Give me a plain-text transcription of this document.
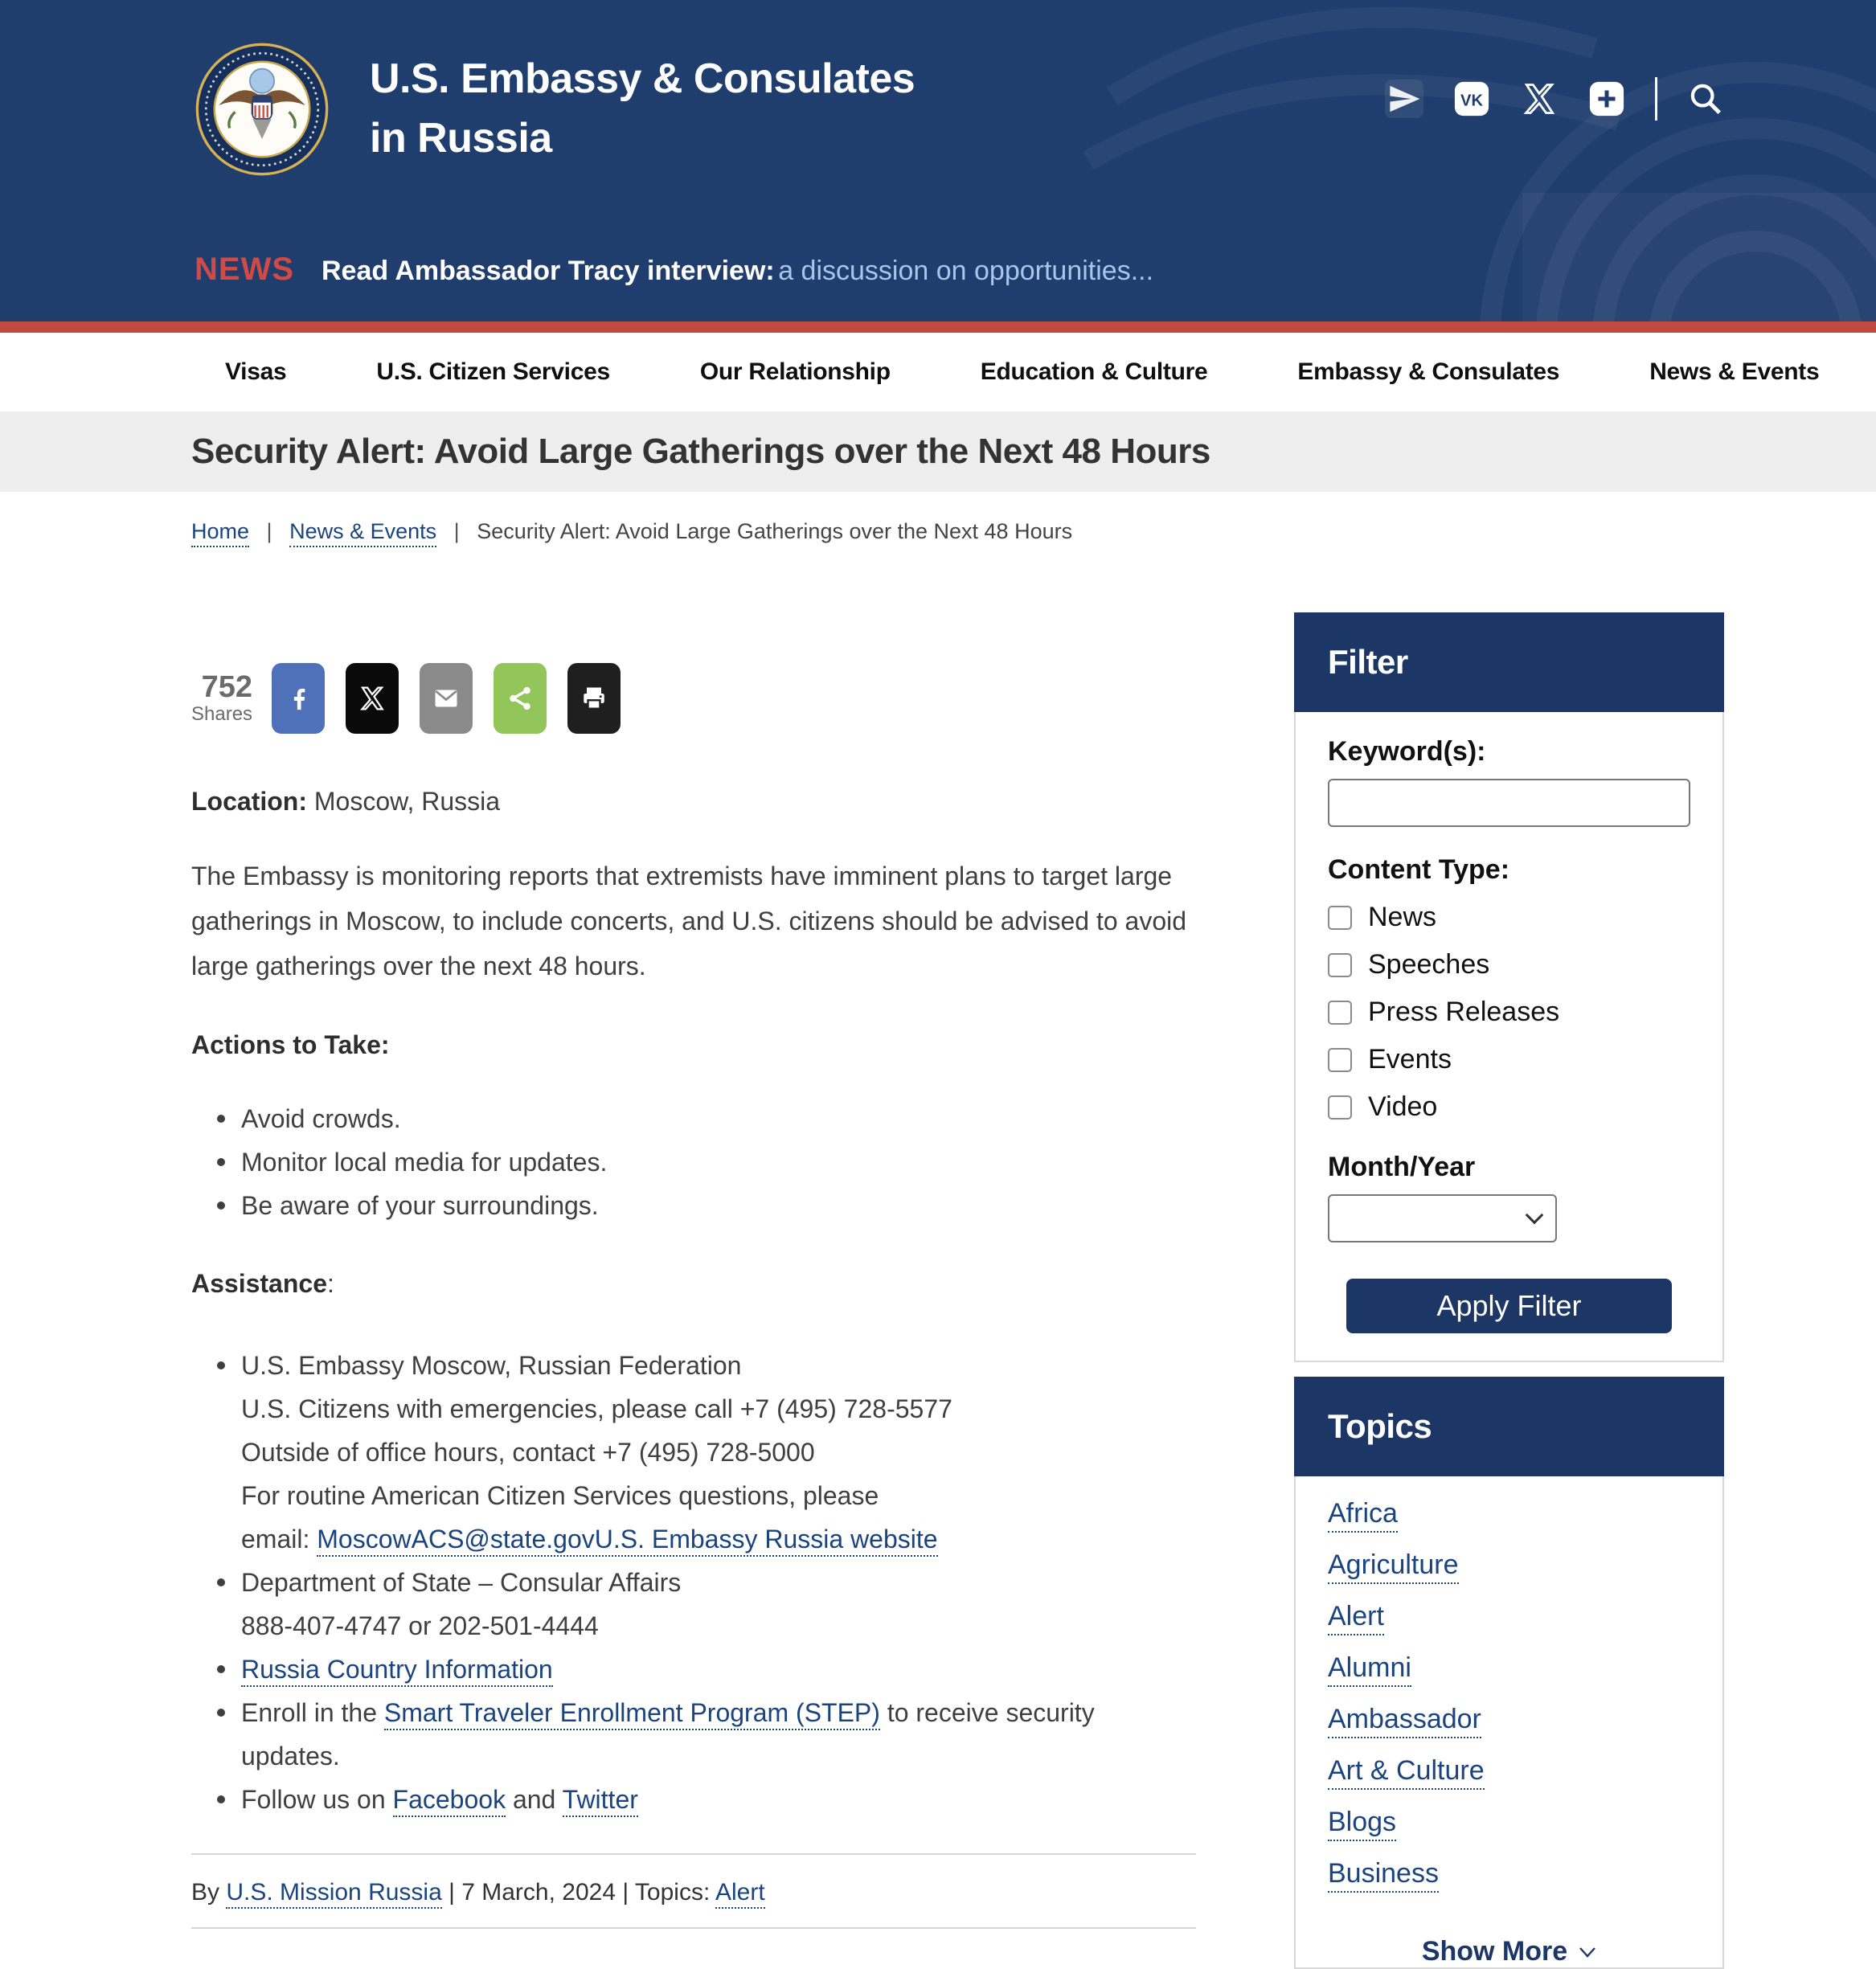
U.S. Embassy & Consulates
in Russia
VK
NEWS Read Ambassador Tracy interview: a discussion on opportunities...
Visas	U.S. Citizen Services	Our Relationship	Education & Culture	Embassy & Consulates	News & Events
Security Alert: Avoid Large Gatherings over the Next 48 Hours
Home | News & Events | Security Alert: Avoid Large Gatherings over the Next 48 Hours
752
Shares

Location: Moscow, Russia

The Embassy is monitoring reports that extremists have imminent plans to target large gatherings in Moscow, to include concerts, and U.S. citizens should be advised to avoid large gatherings over the next 48 hours.

Actions to Take:

Avoid crowds.
Monitor local media for updates.
Be aware of your surroundings.

Assistance:

U.S. Embassy Moscow, Russian Federation
U.S. Citizens with emergencies, please call +7 (495) 728-5577
Outside of office hours, contact +7 (495) 728-5000
For routine American Citizen Services questions, please
email: MoscowACS@state.govU.S. Embassy Russia website
Department of State – Consular Affairs
888-407-4747 or 202-501-4444
Russia Country Information
Enroll in the Smart Traveler Enrollment Program (STEP) to receive security updates.
Follow us on Facebook and Twitter

By U.S. Mission Russia | 7 March, 2024 | Topics: Alert

Filter
Keyword(s):
Content Type:
News
Speeches
Press Releases
Events
Video
Month/Year
Apply Filter
Topics
Africa
Agriculture
Alert
Alumni
Ambassador
Art & Culture
Blogs
Business
Show More
